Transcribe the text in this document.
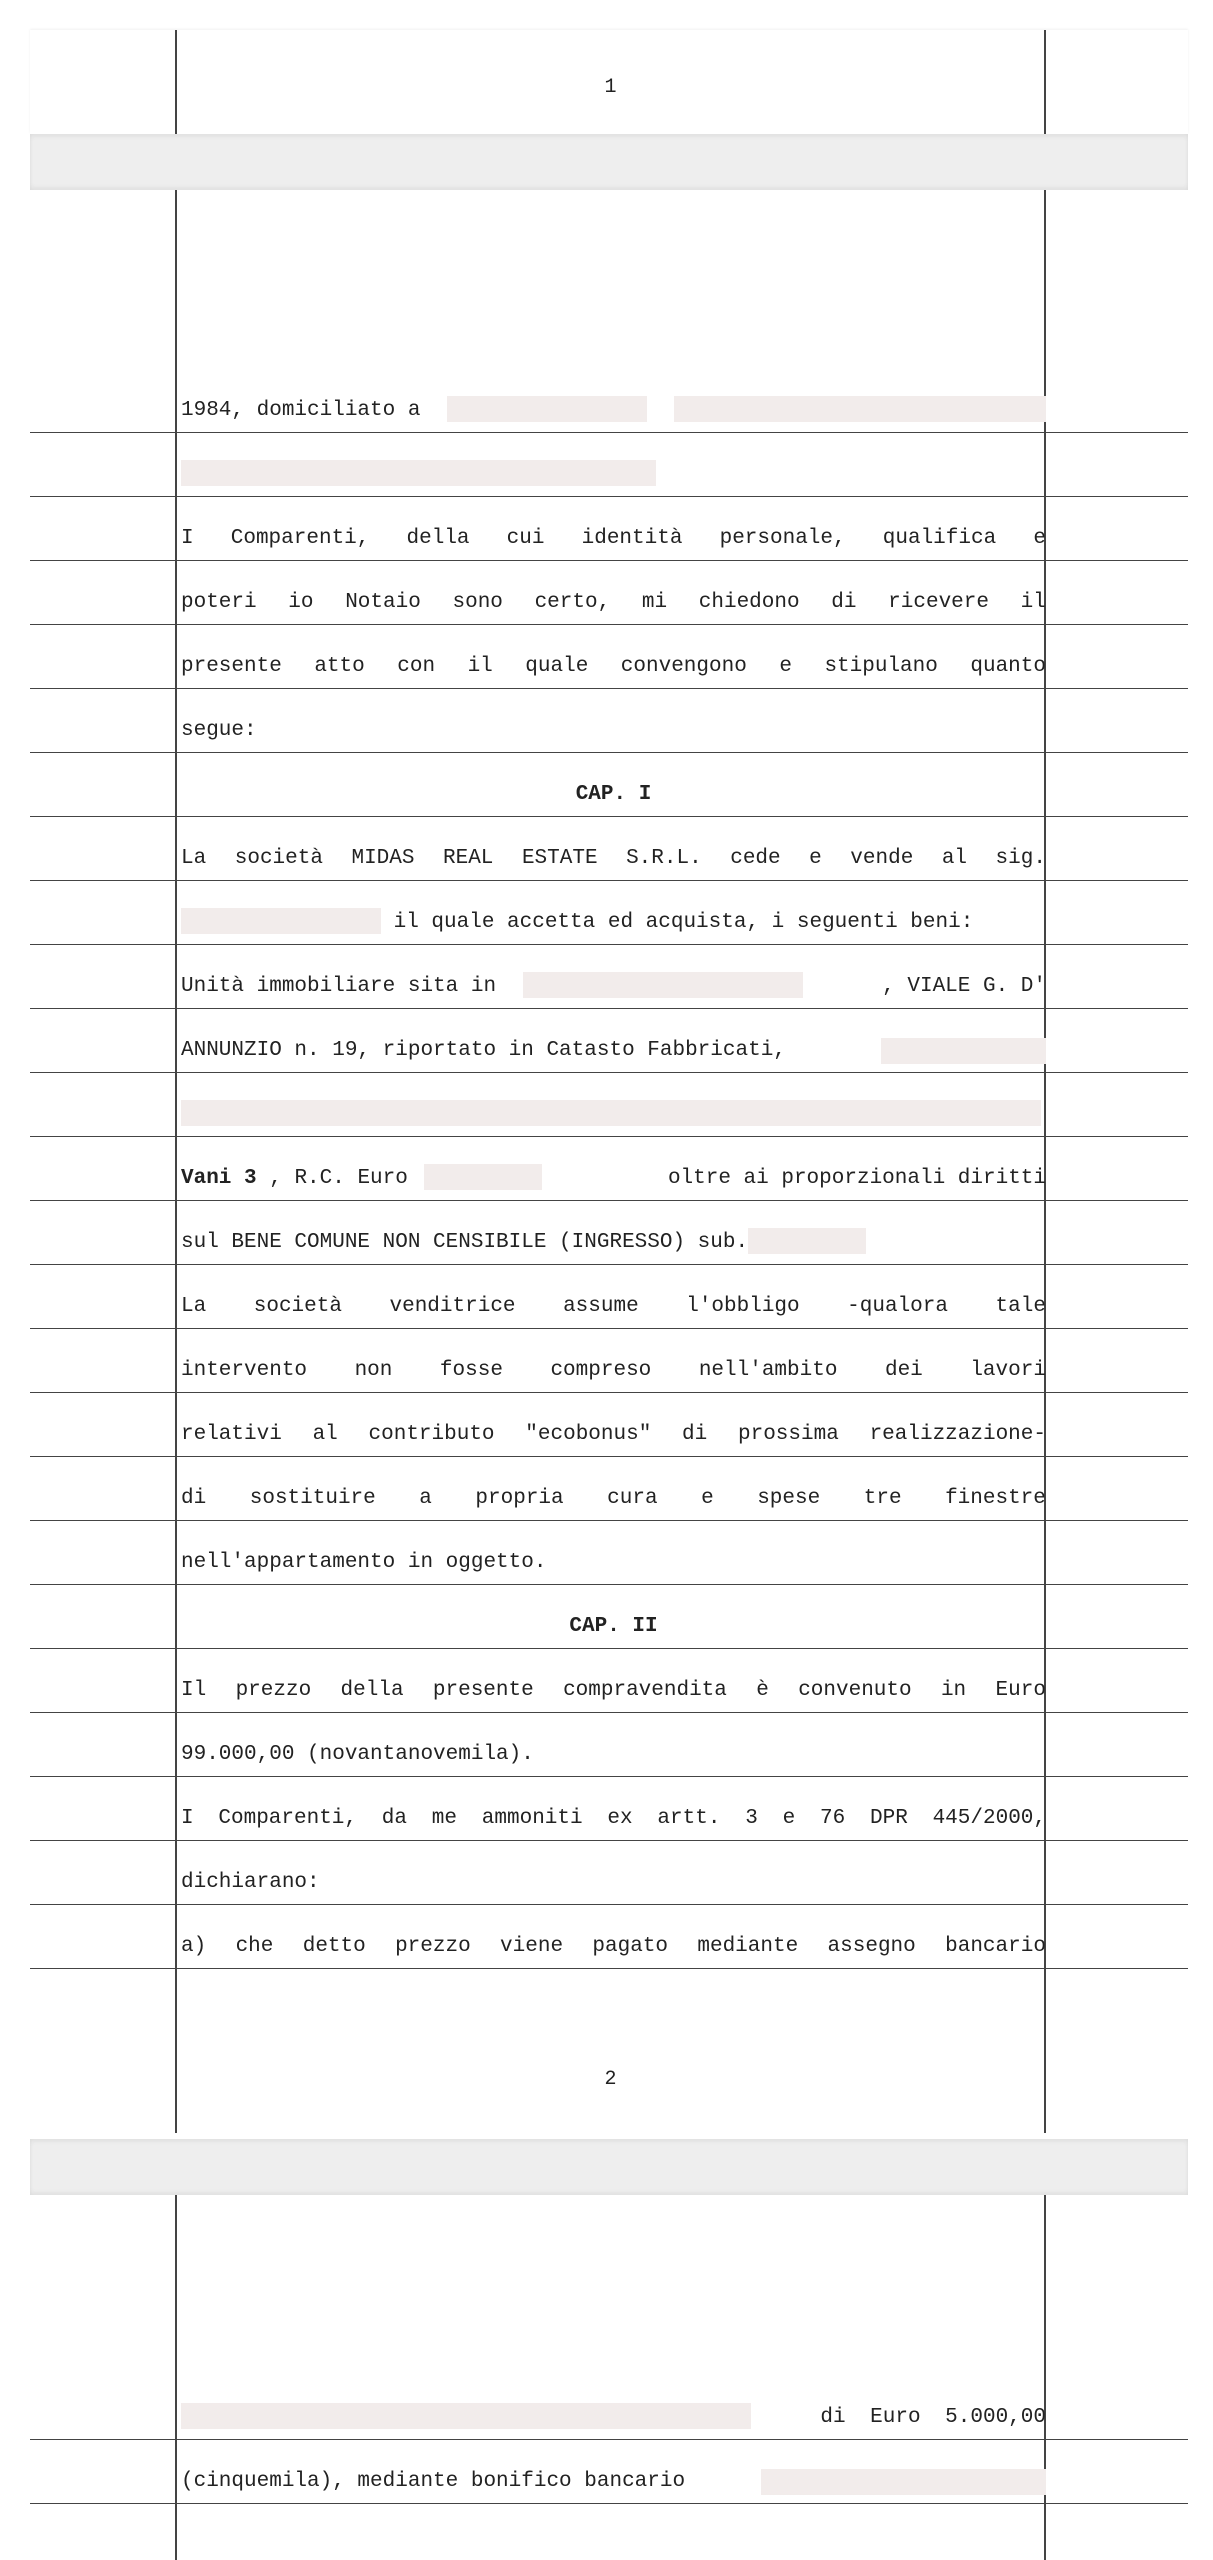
1
1984, domiciliato a
I Comparenti, della cui identità personale, qualifica e
poteri io Notaio sono certo, mi chiedono di ricevere il
presente atto con il quale convengono e stipulano quanto
segue:
CAP. I
La società MIDAS REAL ESTATE S.R.L. cede e vende al sig.
il quale accetta ed acquista, i seguenti beni:
Unità immobiliare sita in	, VIALE G. D'
ANNUNZIO n. 19, riportato in Catasto Fabbricati,
Vani 3 , R.C. Euro	oltre ai proporzionali diritti
sul BENE COMUNE NON CENSIBILE (INGRESSO) sub.
La società venditrice assume l'obbligo -qualora tale
intervento non fosse compreso nell'ambito dei lavori
relativi al contributo "ecobonus" di prossima realizzazione-
di sostituire a propria cura e spese tre finestre
nell'appartamento in oggetto.
CAP. II
Il prezzo della presente compravendita è convenuto in Euro
99.000,00 (novantanovemila).
I Comparenti, da me ammoniti ex artt. 3 e 76 DPR 445/2000,
dichiarano:
a) che detto prezzo viene pagato mediante assegno bancario
2
di Euro 5.000,00
(cinquemila), mediante bonifico bancario
